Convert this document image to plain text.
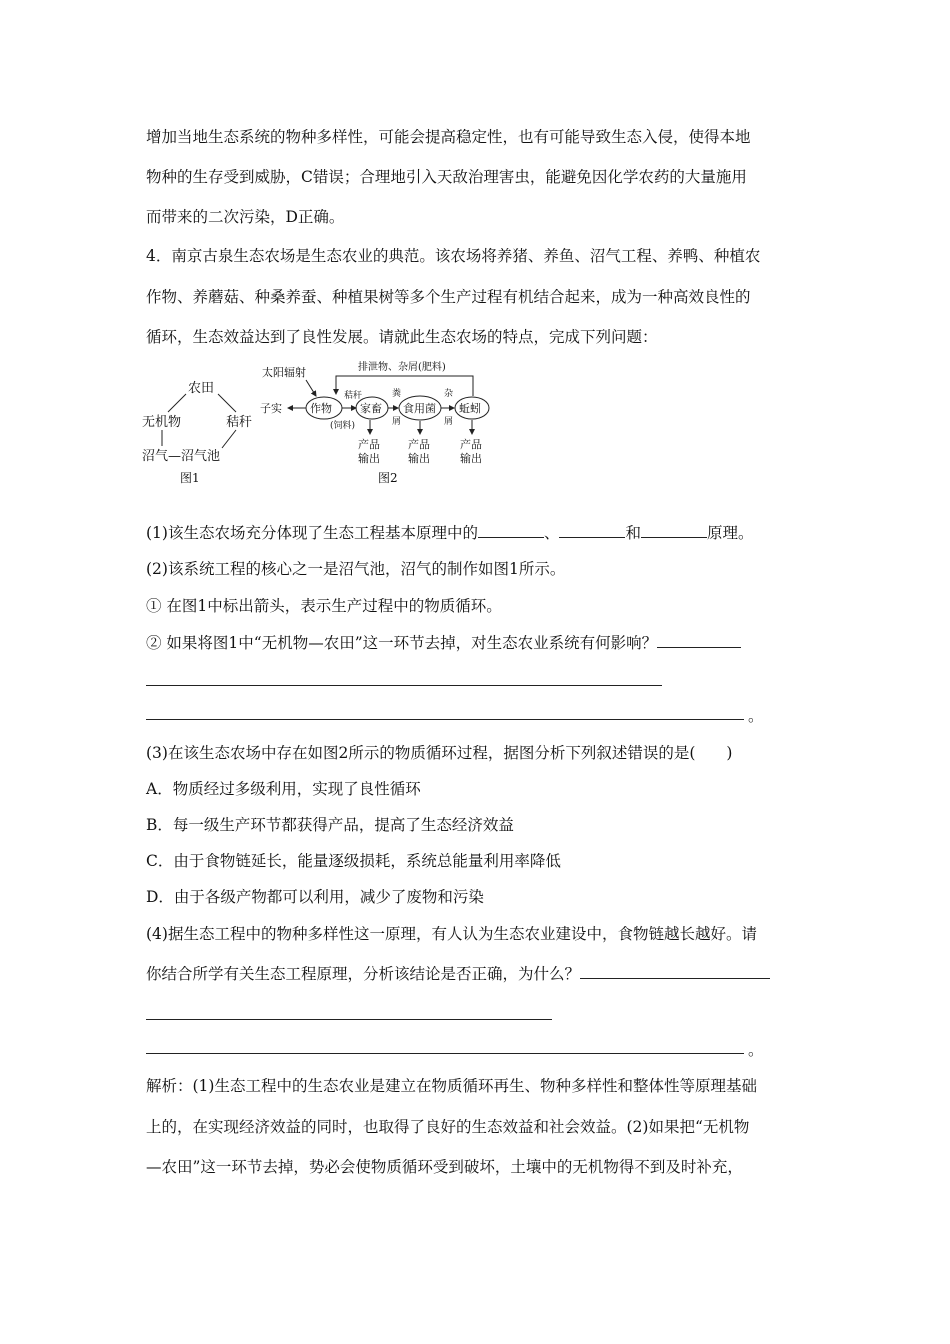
增加当地生态系统的物种多样性，可能会提高稳定性，也有可能导致生态入侵，使得本地
物种的生存受到威胁，C错误；合理地引入天敌治理害虫，能避免因化学农药的大量施用
而带来的二次污染，D正确。
4．南京古泉生态农场是生态农业的典范。该农场将养猪、养鱼、沼气工程、养鸭、种植农
作物、养蘑菇、种桑养蚕、种植果树等多个生产过程有机结合起来，成为一种高效良性的
循环，生态效益达到了良性发展。请就此生态农场的特点，完成下列问题：
农田
无机物	秸秆
沼气—沼气池
图1
排泄物、杂屑(肥料)
太阳辐射
子实	作物
秸秆
(饲料)
家畜
粪
屑
食用菌
杂
屑
蚯蚓
产品
输出
产品
输出
产品
输出
图2
(1)该生态农场充分体现了生态工程基本原理中的	、	和	原理。
(2)该系统工程的核心之一是沼气池，沼气的制作如图1所示。
① 在图1中标出箭头，表示生产过程中的物质循环。
② 如果将图1中“无机物—农田”这一环节去掉，对生态农业系统有何影响？
。
(3)在该生态农场中存在如图2所示的物质循环过程，据图分析下列叙述错误的是(　　)
A．物质经过多级利用，实现了良性循环
B．每一级生产环节都获得产品，提高了生态经济效益
C．由于食物链延长，能量逐级损耗，系统总能量利用率降低
D．由于各级产物都可以利用，减少了废物和污染
(4)据生态工程中的物种多样性这一原理，有人认为生态农业建设中，食物链越长越好。请
你结合所学有关生态工程原理，分析该结论是否正确，为什么？
。
解析：(1)生态工程中的生态农业是建立在物质循环再生、物种多样性和整体性等原理基础
上的，在实现经济效益的同时，也取得了良好的生态效益和社会效益。(2)如果把“无机物
—农田”这一环节去掉，势必会使物质循环受到破坏，土壤中的无机物得不到及时补充，
